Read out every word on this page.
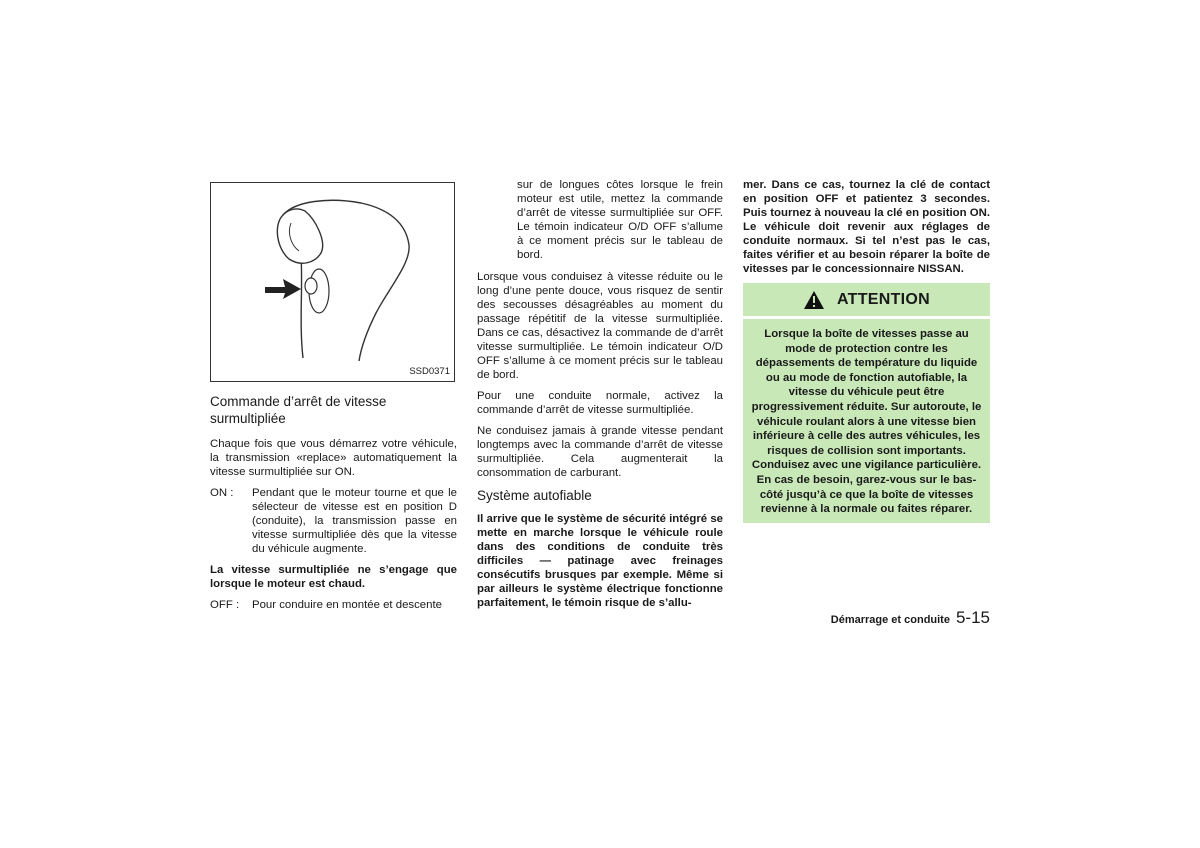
SSD0371
Commande d’arrêt de vitesse surmultipliée

Chaque fois que vous démarrez votre véhicule, la transmission «replace» automatiquement la vitesse surmultipliée sur ON.

ON :	Pendant que le moteur tourne et que le sélecteur de vitesse est en position D (conduite), la transmission passe en vitesse surmultipliée dès que la vitesse du véhicule augmente.

La vitesse surmultipliée ne s’engage que lorsque le moteur est chaud.

OFF :	Pour conduire en montée et descente
sur de longues côtes lorsque le frein moteur est utile, mettez la commande d’arrêt de vitesse surmultipliée sur OFF. Le témoin indicateur O/D OFF s’allume à ce moment précis sur le tableau de bord.

Lorsque vous conduisez à vitesse réduite ou le long d’une pente douce, vous risquez de sentir des secousses désagréables au moment du passage répétitif de la vitesse surmultipliée. Dans ce cas, désactivez la commande de d’arrêt vitesse surmultipliée. Le témoin indicateur O/D OFF s’allume à ce moment précis sur le tableau de bord.

Pour une conduite normale, activez la commande d’arrêt de vitesse surmultipliée.

Ne conduisez jamais à grande vitesse pendant longtemps avec la commande d’arrêt de vitesse surmultipliée. Cela augmenterait la consommation de carburant.

Système autofiable

Il arrive que le système de sécurité intégré se mette en marche lorsque le véhicule roule dans des conditions de conduite très difficiles — patinage avec freinages consécutifs brusques par exemple. Même si par ailleurs le système électrique fonctionne parfaitement, le témoin risque de s’allu-

mer. Dans ce cas, tournez la clé de contact en position OFF et patientez 3 secondes. Puis tournez à nouveau la clé en position ON. Le véhicule doit revenir aux réglages de conduite normaux. Si tel n’est pas le cas, faites vérifier et au besoin réparer la boîte de vitesses par le concessionnaire NISSAN.

ATTENTION
Lorsque la boîte de vitesses passe au mode de protection contre les dépassements de température du liquide ou au mode de fonction autofiable, la vitesse du véhicule peut être progressivement réduite. Sur autoroute, le véhicule roulant alors à une vitesse bien inférieure à celle des autres véhicules, les risques de collision sont importants. Conduisez avec une vigilance particulière. En cas de besoin, garez-vous sur le bas-côté jusqu’à ce que la boîte de vitesses revienne à la normale ou faites réparer.
Démarrage et conduite 5-15
